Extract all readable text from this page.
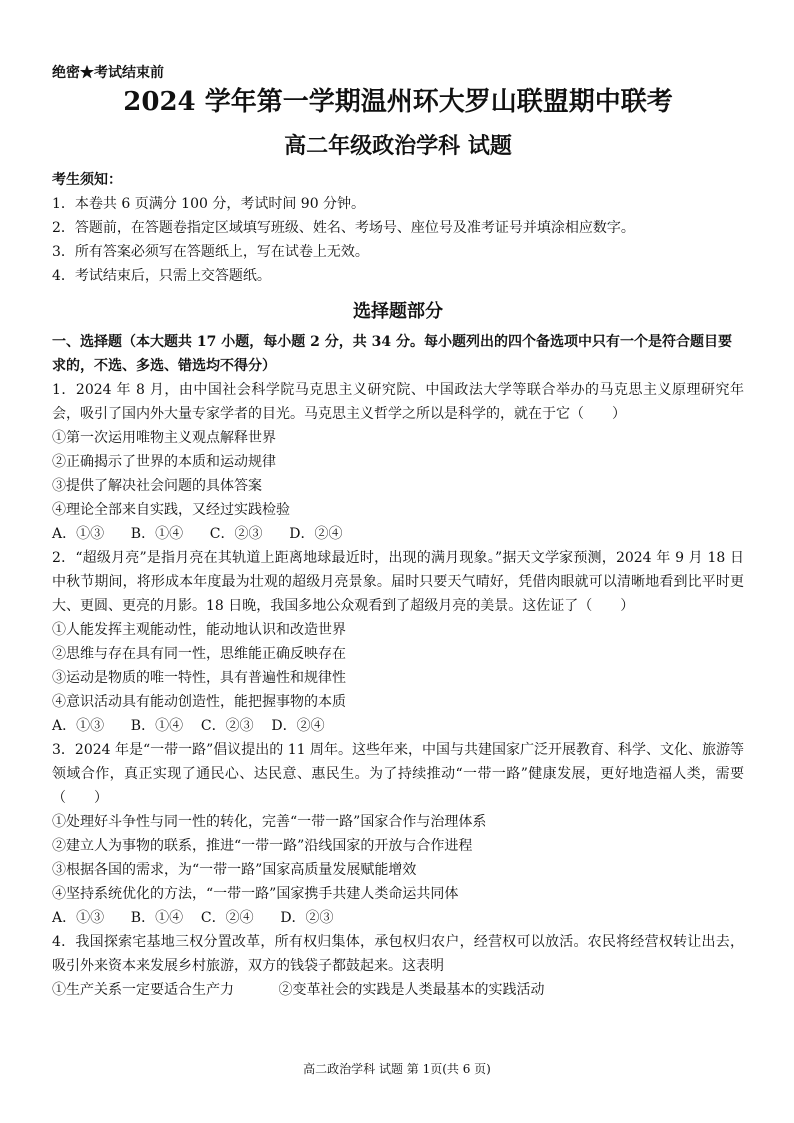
绝密★考试结束前
2024 学年第一学期温州环大罗山联盟期中联考
高二年级政治学科 试题
考生须知：
1．本卷共 6 页满分 100 分，考试时间 90 分钟。
2．答题前，在答题卷指定区域填写班级、姓名、考场号、座位号及准考证号并填涂相应数字。
3．所有答案必须写在答题纸上，写在试卷上无效。
4．考试结束后，只需上交答题纸。
选择题部分
一、选择题（本大题共 17 小题，每小题 2 分，共 34 分。每小题列出的四个备选项中只有一个是符合题目要求的，不选、多选、错选均不得分）
1．2024 年 8 月，由中国社会科学院马克思主义研究院、中国政法大学等联合举办的马克思主义原理研究年会，吸引了国内外大量专家学者的目光。马克思主义哲学之所以是科学的，就在于它（　　）
①第一次运用唯物主义观点解释世界
②正确揭示了世界的本质和运动规律
③提供了解决社会问题的具体答案
④理论全部来自实践，又经过实践检验
A．①③      B．①④      C．②③      D．②④
2．“超级月亮”是指月亮在其轨道上距离地球最近时，出现的满月现象。”据天文学家预测，2024 年 9 月 18 日中秋节期间，将形成本年度最为壮观的超级月亮景象。届时只要天气晴好，凭借肉眼就可以清晰地看到比平时更大、更圆、更亮的月影。18 日晚，我国多地公众观看到了超级月亮的美景。这佐证了（　　）
①人能发挥主观能动性，能动地认识和改造世界
②思维与存在具有同一性，思维能正确反映存在
③运动是物质的唯一特性，具有普遍性和规律性
④意识活动具有能动创造性，能把握事物的本质
A．①③      B．①④    C．②③    D．②④
3．2024 年是“一带一路”倡议提出的 11 周年。这些年来，中国与共建国家广泛开展教育、科学、文化、旅游等领域合作，真正实现了通民心、达民意、惠民生。为了持续推动“一带一路”健康发展，更好地造福人类，需要（　　）
①处理好斗争性与同一性的转化，完善“一带一路”国家合作与治理体系
②建立人为事物的联系，推进“一带一路”沿线国家的开放与合作进程
③根据各国的需求，为“一带一路”国家高质量发展赋能增效
④坚持系统优化的方法，“一带一路”国家携手共建人类命运共同体
A．①③      B．①④    C．②④      D．②③
4．我国探索宅基地三权分置改革，所有权归集体，承包权归农户，经营权可以放活。农民将经营权转让出去，吸引外来资本来发展乡村旅游，双方的钱袋子都鼓起来。这表明
①生产关系一定要适合生产力          ②变革社会的实践是人类最基本的实践活动
高二政治学科 试题 第 1页(共 6 页)
